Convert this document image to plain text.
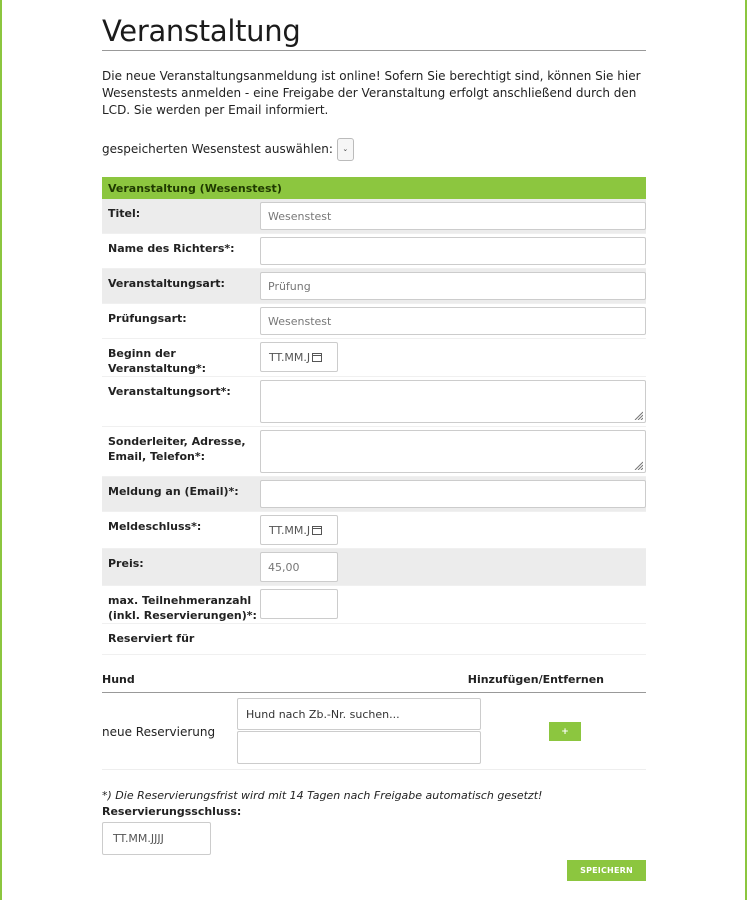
Veranstaltung
Die neue Veranstaltungsanmeldung ist online! Sofern Sie berechtigt sind, können Sie hier Wesenstests anmelden - eine Freigabe der Veranstaltung erfolgt anschließend durch den LCD. Sie werden per Email informiert.
gespeicherten Wesenstest auswählen: ⌄
Veranstaltung (Wesenstest)	
Titel:	Wesenstest

Name des Richters*:	

Veranstaltungsart:	Prüfung

Prüfungsart:	Wesenstest

Beginn der Veranstaltung*:	TT.MM.J

Veranstaltungsort*:	

Sonderleiter, Adresse, Email, Telefon*:	

Meldung an (Email)*:	

Meldeschluss*:	TT.MM.J

Preis:	45,00

max. Teilnehmeranzahl (inkl. Reservierungen)*:	

Reserviert für	
Hund	Hinzufügen/Entfernen
neue Reservierung
Hund nach Zb.-Nr. suchen...
+
*) Die Reservierungsfrist wird mit 14 Tagen nach Freigabe automatisch gesetzt!
Reservierungsschluss:
TT.MM.JJJJ
SPEICHERN
